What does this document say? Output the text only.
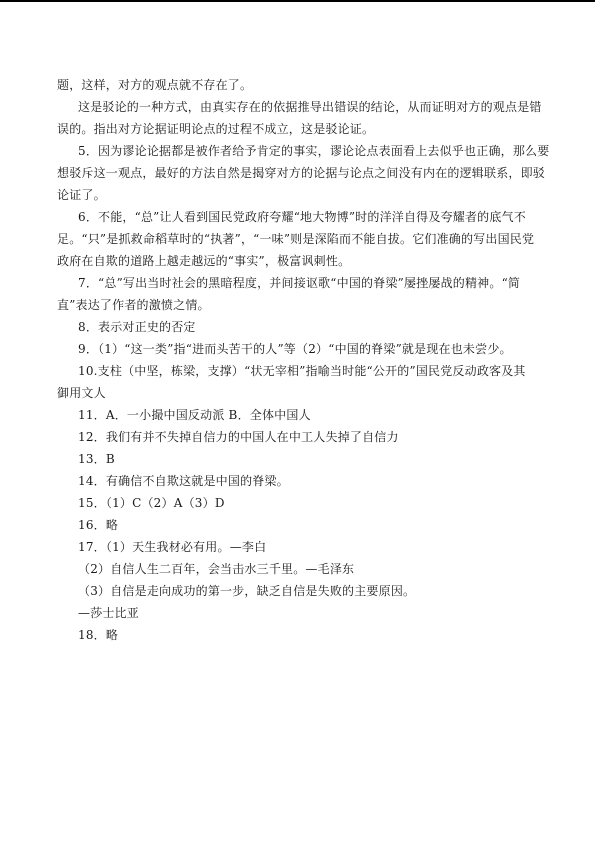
题，这样，对方的观点就不存在了。
这是驳论的一种方式，由真实存在的依据推导出错误的结论，从而证明对方的观点是错
误的。指出对方论据证明论点的过程不成立，这是驳论证。
5．因为谬论论据都是被作者给予肯定的事实，谬论论点表面看上去似乎也正确，那么要
想驳斥这一观点，最好的方法自然是揭穿对方的论据与论点之间没有内在的逻辑联系，即驳
论证了。
6．不能，“总”让人看到国民党政府夸耀“地大物博”时的洋洋自得及夸耀者的底气不
足。“只”是抓救命稻草时的“执著”，“一味”则是深陷而不能自拔。它们准确的写出国民党
政府在自欺的道路上越走越远的“事实”，极富讽刺性。
7．“总”写出当时社会的黑暗程度，并间接讴歌“中国的脊梁”屡挫屡战的精神。“简
直”表达了作者的激愤之情。
8．表示对正史的否定
9．（1）“这一类”指“进而头苦干的人”等（2）“中国的脊梁”就是现在也未尝少。
10.支柱（中坚，栋梁，支撑）“状无宰相”指喻当时能“公开的”国民党反动政客及其
御用文人
11．A．一小撮中国反动派 B．全体中国人
12．我们有并不失掉自信力的中国人在中工人失掉了自信力
13．B
14．有确信不自欺这就是中国的脊梁。
15．（1）C（2）A（3）D
16．略
17．（1）天生我材必有用。—李白
（2）自信人生二百年，会当击水三千里。—毛泽东
（3）自信是走向成功的第一步，缺乏自信是失败的主要原因。
—莎士比亚
18．略
